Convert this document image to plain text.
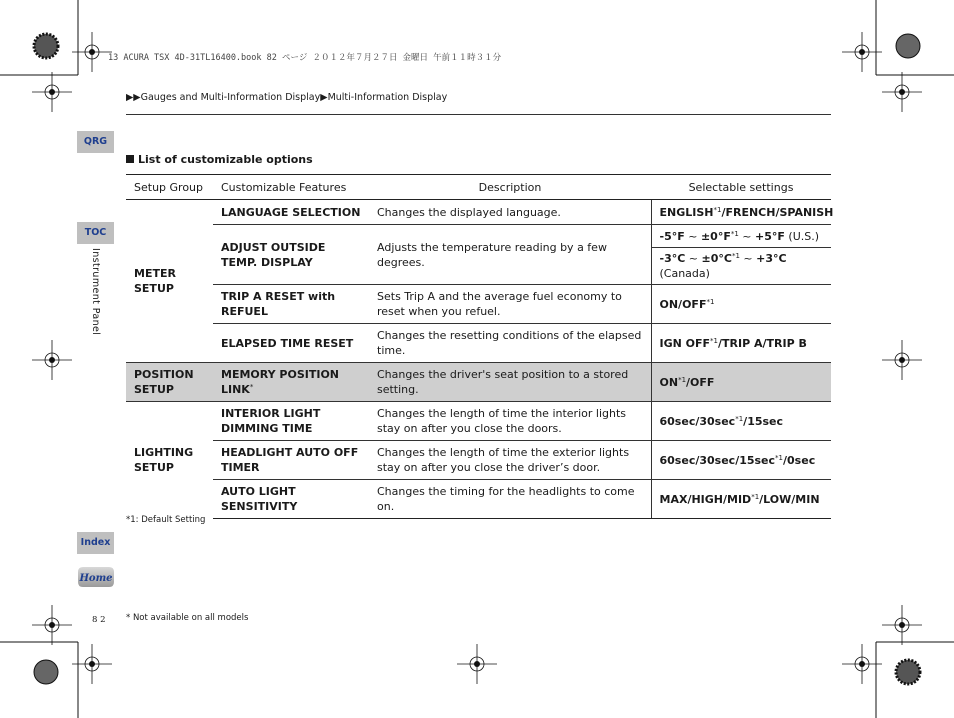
13 ACURA TSX 4D-31TL16400.book 82 ページ ２０１２年７月２７日 金曜日 午前１１時３１分
▶▶Gauges and Multi-Information Display▶Multi-Information Display
QRG
TOC
Instrument Panel
Index
Home
List of customizable options
Setup Group	Customizable Features	Description	Selectable settings
METER SETUP	LANGUAGE SELECTION	Changes the displayed language.	ENGLISH$^{*1}$/FRENCH/SPANISH
	ADJUST OUTSIDE TEMP. DISPLAY	Adjusts the temperature reading by a few degrees.	-5°F ~ $\pm 0^\circ F^{*1}$ ~ +5°F (U.S.)
			-3°C ~ $\pm 0^\circ C^{*1}$ ~ +3°C (Canada)
	TRIP A RESET with REFUEL	Sets Trip A and the average fuel economy to reset when you refuel.	ON/OFF$^{*1}$
	ELAPSED TIME RESET	Changes the resetting conditions of the elapsed time.	IGN OFF$^{*1}$/TRIP A/TRIP B
POSITION SETUP	MEMORY POSITION LINK*	Changes the driver's seat position to a stored setting.	ON$^{*1}$/OFF
LIGHTING SETUP	INTERIOR LIGHT DIMMING TIME	Changes the length of time the interior lights stay on after you close the doors.	$60\sec/30\sec^{*1}/15\sec$
	HEADLIGHT AUTO OFF TIMER	Changes the length of time the exterior lights stay on after you close the driver’s door.	$60\sec/30\sec/15\sec^{*1}/0\sec$
	AUTO LIGHT SENSITIVITY	Changes the timing for the headlights to come on.	MAX/HIGH/MID$^{*1}$/LOW/MIN
*1: Default Setting
8 2 * Not available on all models
